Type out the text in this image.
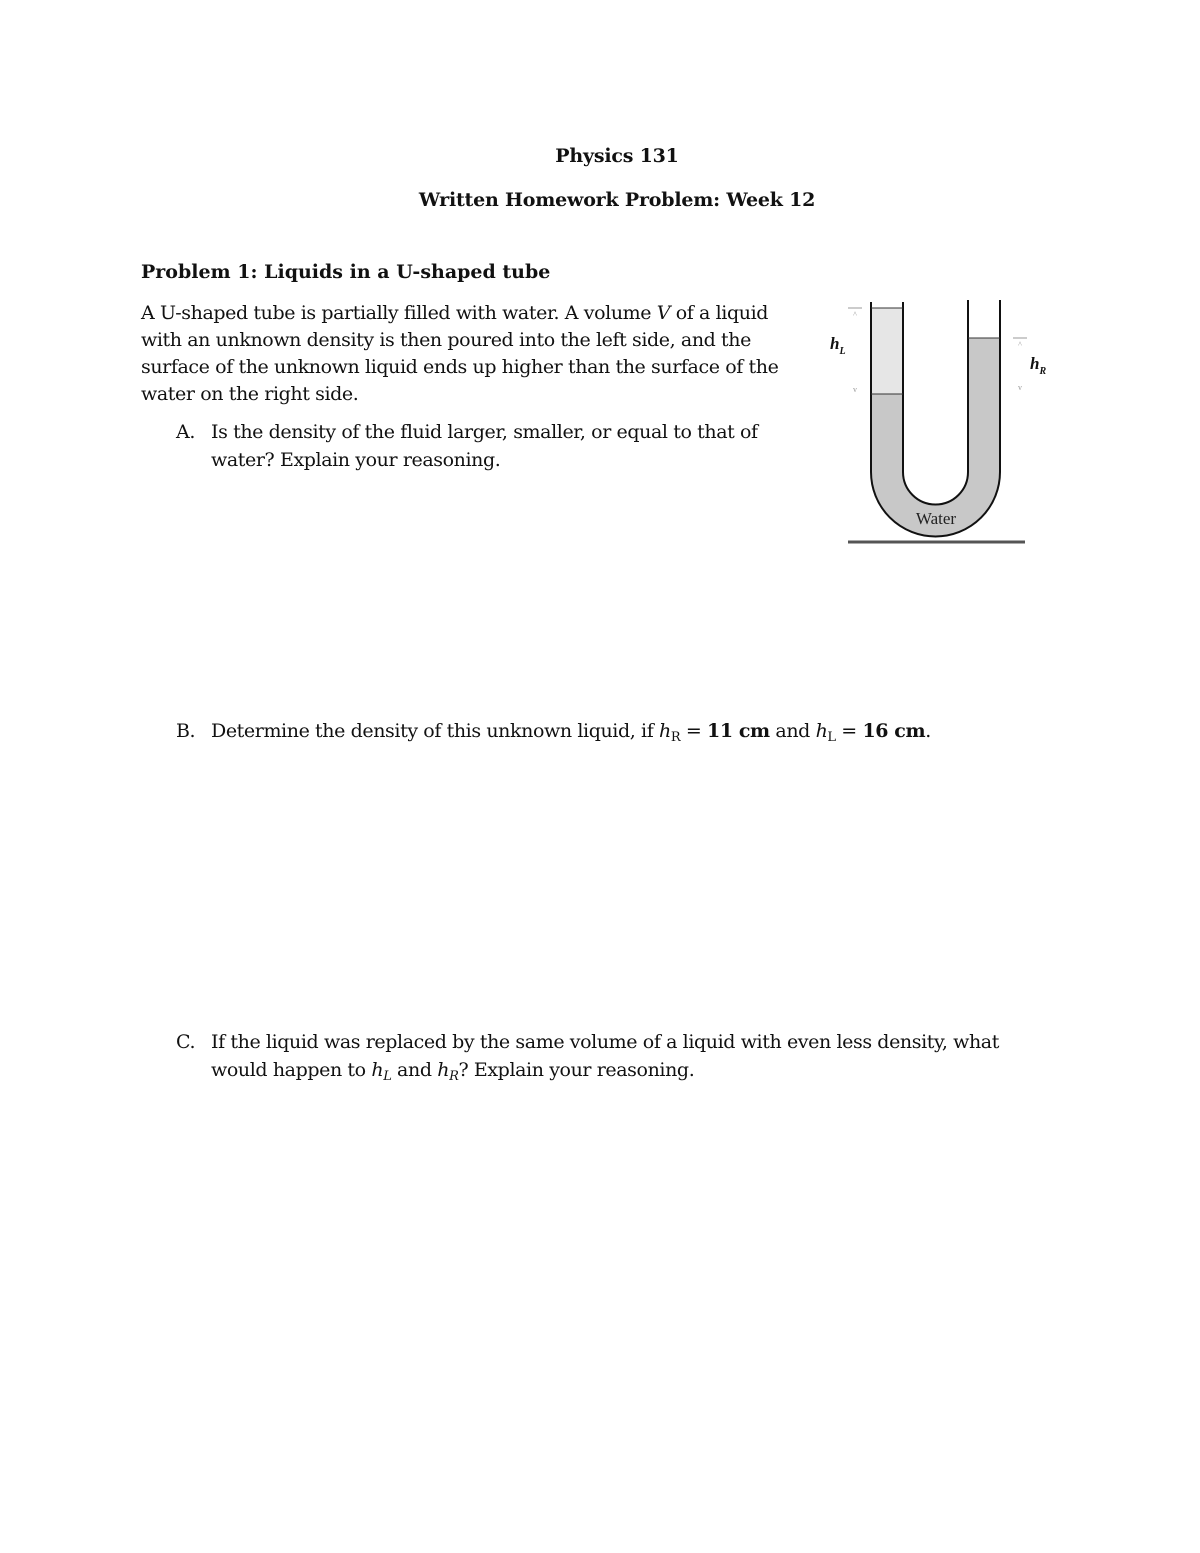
Physics 131
Written Homework Problem: Week 12
Problem 1: Liquids in a U-shaped tube
A U-shaped tube is partially filled with water. A volume V of a liquid
with an unknown density is then poured into the left side, and the
surface of the unknown liquid ends up higher than the surface of the
water on the right side.
A. Is the density of the fluid larger, smaller, or equal to that of
water? Explain your reasoning.
B. Determine the density of this unknown liquid, if $h_R = 11$ cm and $h_L = 16$ cm.
C. If the liquid was replaced by the same volume of a liquid with even less density, what
would happen to $h_L$ and $h_R$? Explain your reasoning.
^
v
^
v
$h_L$
$h_R$
Water
